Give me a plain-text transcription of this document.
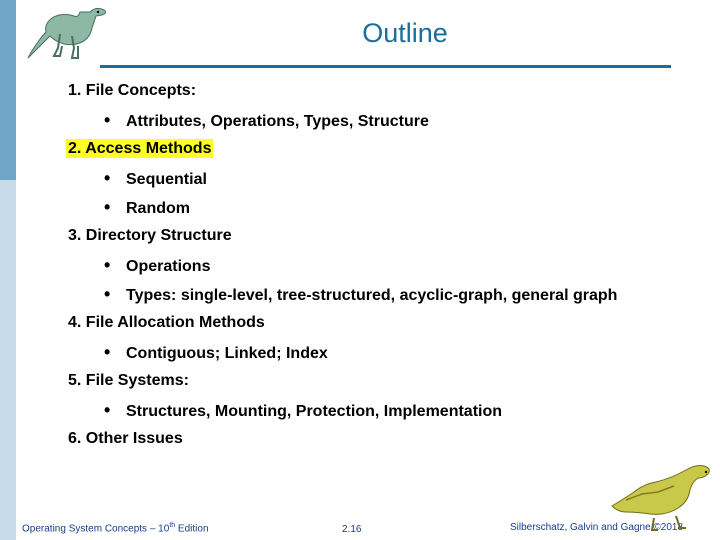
Outline
1. File Concepts:
• Attributes, Operations, Types, Structure
2. Access Methods
• Sequential
• Random
3. Directory Structure
• Operations
• Types: single-level, tree-structured, acyclic-graph, general graph
4. File Allocation Methods
• Contiguous; Linked; Index
5. File Systems:
• Structures, Mounting, Protection, Implementation
6. Other Issues
Operating System Concepts – 10th Edition	2.16	Silberschatz, Galvin and Gagne ©2018
